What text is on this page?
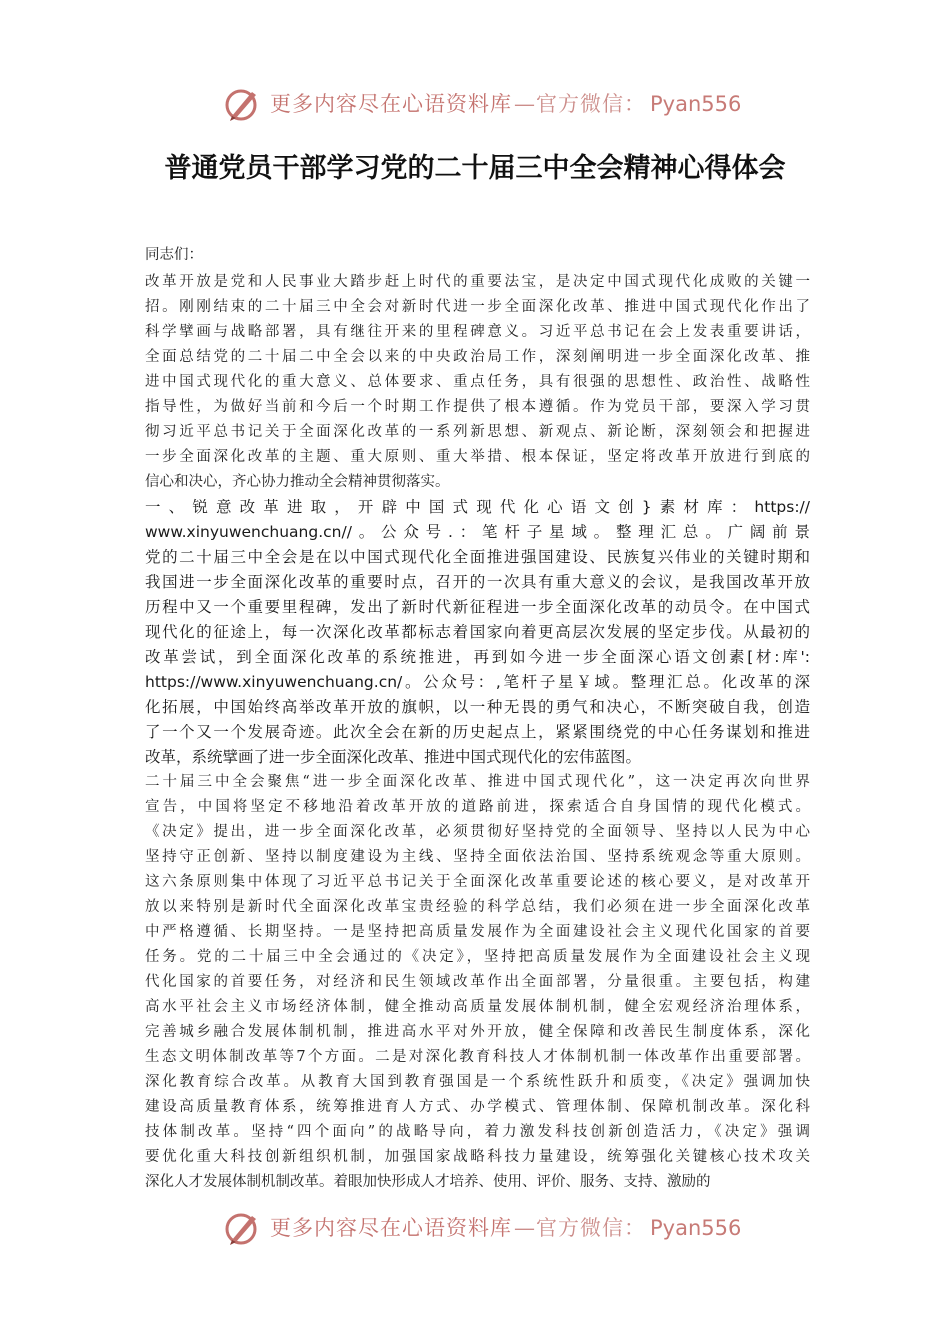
更多内容尽在心语资料库—官方微信： Pyan556
普通党员干部学习党的二十届三中全会精神心得体会
同志们：
改革开放是党和人民事业大踏步赶上时代的重要法宝，是决定中国式现代化成败的关键一
招。刚刚结束的二十届三中全会对新时代进一步全面深化改革、推进中国式现代化作出了
科学擘画与战略部署，具有继往开来的里程碑意义。习近平总书记在会上发表重要讲话，
全面总结党的二十届二中全会以来的中央政治局工作，深刻阐明进一步全面深化改革、推
进中国式现代化的重大意义、总体要求、重点任务，具有很强的思想性、政治性、战略性
指导性，为做好当前和今后一个时期工作提供了根本遵循。作为党员干部，要深入学习贯
彻习近平总书记关于全面深化改革的一系列新思想、新观点、新论断，深刻领会和把握进
一步全面深化改革的主题、重大原则、重大举措、根本保证，坚定将改革开放进行到底的
信心和决心，齐心协力推动全会精神贯彻落实。
一、锐意改革进取，开辟中国式现代化心语文创}素材库：https://
www.xinyuwenchuang.cn//。公众号.：笔杆子星域。整理汇总。广阔前景
党的二十届三中全会是在以中国式现代化全面推进强国建设、民族复兴伟业的关键时期和
我国进一步全面深化改革的重要时点，召开的一次具有重大意义的会议，是我国改革开放
历程中又一个重要里程碑，发出了新时代新征程进一步全面深化改革的动员令。在中国式
现代化的征途上，每一次深化改革都标志着国家向着更高层次发展的坚定步伐。从最初的
改革尝试，到全面深化改革的系统推进，再到如今进一步全面深心语文创素[材:库':
https://www.xinyuwenchuang.cn/。公众号：,笔杆子星￥域。整理汇总。化改革的深
化拓展，中国始终高举改革开放的旗帜，以一种无畏的勇气和决心，不断突破自我，创造
了一个又一个发展奇迹。此次全会在新的历史起点上，紧紧围绕党的中心任务谋划和推进
改革，系统擘画了进一步全面深化改革、推进中国式现代化的宏伟蓝图。
二十届三中全会聚焦“进一步全面深化改革、推进中国式现代化”，这一决定再次向世界
宣告，中国将坚定不移地沿着改革开放的道路前进，探索适合自身国情的现代化模式。
《决定》提出，进一步全面深化改革，必须贯彻好坚持党的全面领导、坚持以人民为中心
坚持守正创新、坚持以制度建设为主线、坚持全面依法治国、坚持系统观念等重大原则。
这六条原则集中体现了习近平总书记关于全面深化改革重要论述的核心要义，是对改革开
放以来特别是新时代全面深化改革宝贵经验的科学总结，我们必须在进一步全面深化改革
中严格遵循、长期坚持。一是坚持把高质量发展作为全面建设社会主义现代化国家的首要
任务。党的二十届三中全会通过的《决定》，坚持把高质量发展作为全面建设社会主义现
代化国家的首要任务，对经济和民生领域改革作出全面部署，分量很重。主要包括，构建
高水平社会主义市场经济体制，健全推动高质量发展体制机制，健全宏观经济治理体系，
完善城乡融合发展体制机制，推进高水平对外开放，健全保障和改善民生制度体系，深化
生态文明体制改革等7个方面。二是对深化教育科技人才体制机制一体改革作出重要部署。
深化教育综合改革。从教育大国到教育强国是一个系统性跃升和质变，《决定》强调加快
建设高质量教育体系，统筹推进育人方式、办学模式、管理体制、保障机制改革。深化科
技体制改革。坚持“四个面向”的战略导向，着力激发科技创新创造活力，《决定》强调
要优化重大科技创新组织机制，加强国家战略科技力量建设，统筹强化关键核心技术攻关
深化人才发展体制机制改革。着眼加快形成人才培养、使用、评价、服务、支持、激励的
更多内容尽在心语资料库—官方微信： Pyan556
